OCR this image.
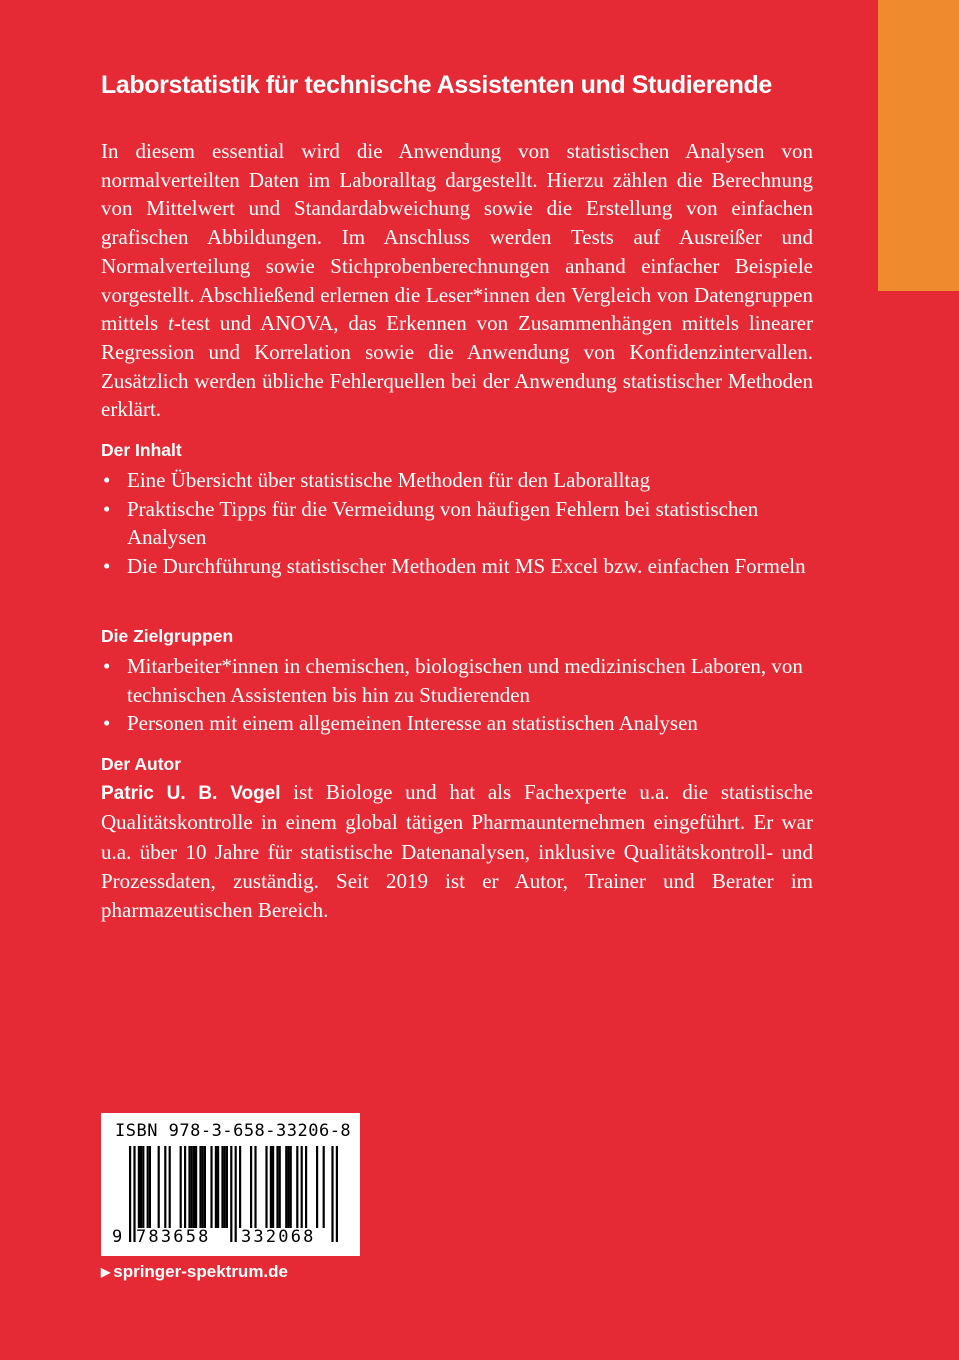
Laborstatistik für technische Assistenten und Studierende
In diesem essential wird die Anwendung von statistischen Analysen von normalverteilten Daten im Laboralltag dargestellt. Hierzu zählen die Berechnung von Mittelwert und Standardabweichung sowie die Erstellung von einfachen grafischen Abbildungen. Im Anschluss werden Tests auf Ausreißer und Normalverteilung sowie Stichprobenberechnungen anhand einfacher Beispiele vorgestellt. Abschließend erlernen die Leser*innen den Vergleich von Datengruppen mittels t-test und ANOVA, das Erkennen von Zusammenhängen mittels linearer Regression und Korrelation sowie die Anwendung von Konfidenzintervallen. Zusätzlich werden übliche Fehlerquellen bei der Anwendung statistischer Methoden erklärt.
Der Inhalt
• Eine Übersicht über statistische Methoden für den Laboralltag
• Praktische Tipps für die Vermeidung von häufigen Fehlern bei statistischen Analysen
• Die Durchführung statistischer Methoden mit MS Excel bzw. einfachen Formeln
Die Zielgruppen
• Mitarbeiter*innen in chemischen, biologischen und medizinischen Laboren, von technischen Assistenten bis hin zu Studierenden
• Personen mit einem allgemeinen Interesse an statistischen Analysen
Der Autor
Patric U. B. Vogel ist Biologe und hat als Fachexperte u.a. die statistische Qualitätskontrolle in einem global tätigen Pharmaunternehmen eingeführt. Er war u.a. über 10 Jahre für statistische Datenanalysen, inklusive Qualitätskontroll- und Prozessdaten, zuständig. Seit 2019 ist er Autor, Trainer und Berater im pharmazeutischen Bereich.
ISBN 978-3-658-33206-8
9 783658 332068
▶ springer-spektrum.de
